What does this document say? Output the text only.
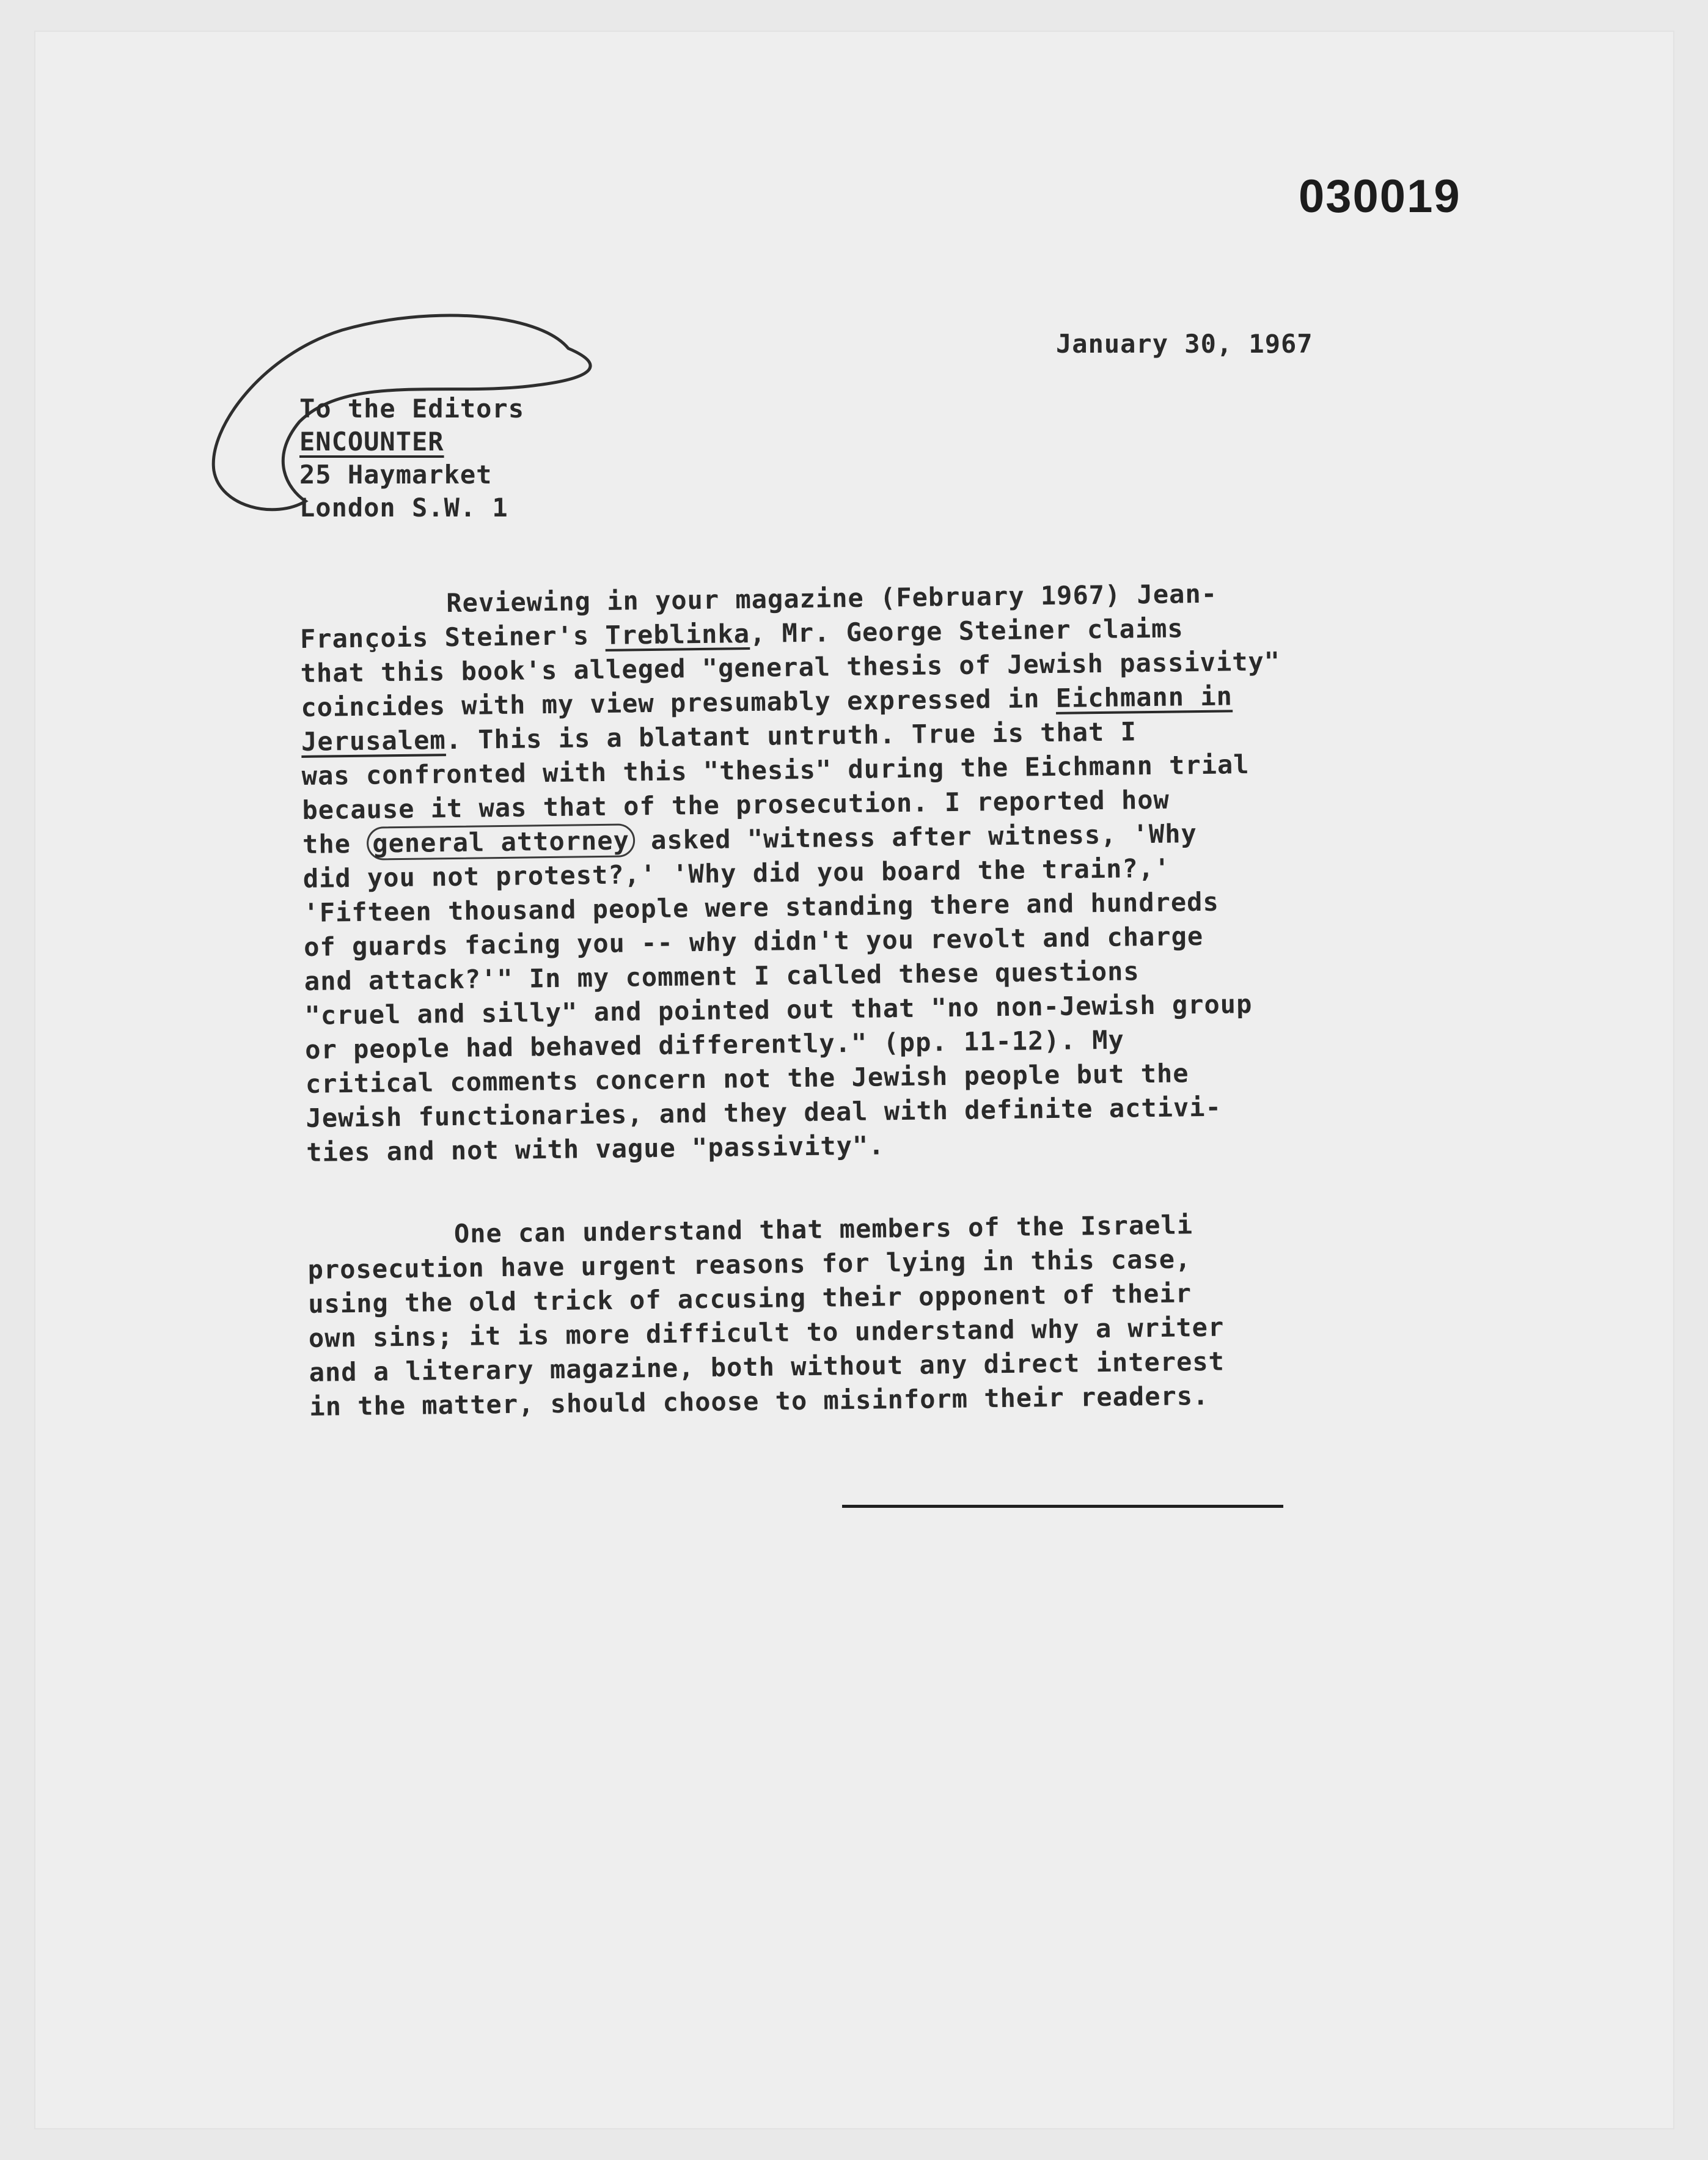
030019
January 30, 1967
To the Editors
ENCOUNTER
25 Haymarket
London S.W. 1

Reviewing in your magazine (February 1967) Jean-
François Steiner's Treblinka, Mr. George Steiner claims
that this book's alleged "general thesis of Jewish passivity"
coincides with my view presumably expressed in Eichmann in
Jerusalem. This is a blatant untruth. True is that I
was confronted with this "thesis" during the Eichmann trial
because it was that of the prosecution. I reported how
the general attorney asked "witness after witness, 'Why
did you not protest?,' 'Why did you board the train?,'
'Fifteen thousand people were standing there and hundreds
of guards facing you -- why didn't you revolt and charge
and attack?'" In my comment I called these questions
"cruel and silly" and pointed out that "no non-Jewish group
or people had behaved differently." (pp. 11-12). My
critical comments concern not the Jewish people but the
Jewish functionaries, and they deal with definite activi-
ties and not with vague "passivity".

One can understand that members of the Israeli
prosecution have urgent reasons for lying in this case,
using the old trick of accusing their opponent of their
own sins; it is more difficult to understand why a writer
and a literary magazine, both without any direct interest
in the matter, should choose to misinform their readers.
